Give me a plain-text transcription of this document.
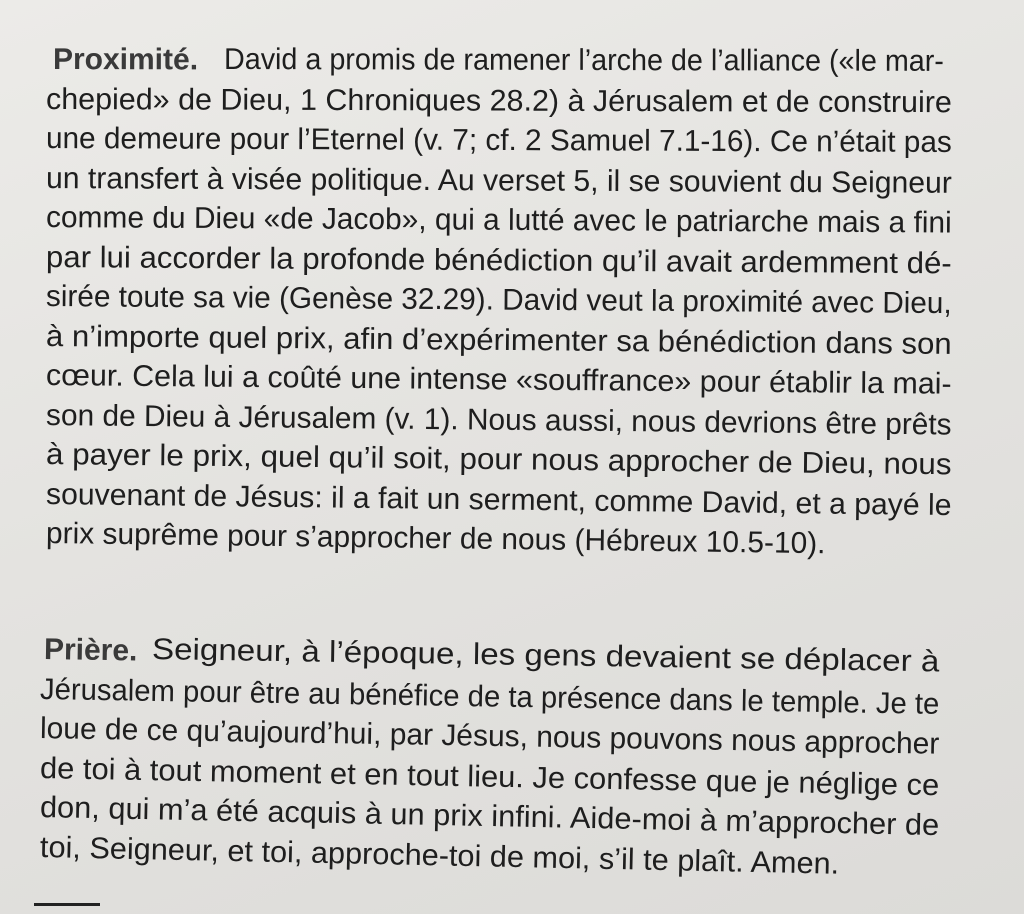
Proximité. David a promis de ramener l’arche de l’alliance («le mar-
chepied» de Dieu, 1 Chroniques 28.2) à Jérusalem et de construire
une demeure pour l’Eternel (v. 7; cf. 2 Samuel 7.1-16). Ce n’était pas
un transfert à visée politique. Au verset 5, il se souvient du Seigneur
comme du Dieu «de Jacob», qui a lutté avec le patriarche mais a fini
par lui accorder la profonde bénédiction qu’il avait ardemment dé-
sirée toute sa vie (Genèse 32.29). David veut la proximité avec Dieu,
à n’importe quel prix, afin d’expérimenter sa bénédiction dans son
cœur. Cela lui a coûté une intense «souffrance» pour établir la mai-
son de Dieu à Jérusalem (v. 1). Nous aussi, nous devrions être prêts
à payer le prix, quel qu’il soit, pour nous approcher de Dieu, nous
souvenant de Jésus: il a fait un serment, comme David, et a payé le
prix suprême pour s’approcher de nous (Hébreux 10.5-10).
Prière. Seigneur, à l’époque, les gens devaient se déplacer à
Jérusalem pour être au bénéfice de ta présence dans le temple. Je te
loue de ce qu’aujourd’hui, par Jésus, nous pouvons nous approcher
de toi à tout moment et en tout lieu. Je confesse que je néglige ce
don, qui m’a été acquis à un prix infini. Aide-moi à m’approcher de
toi, Seigneur, et toi, approche-toi de moi, s’il te plaît. Amen.
